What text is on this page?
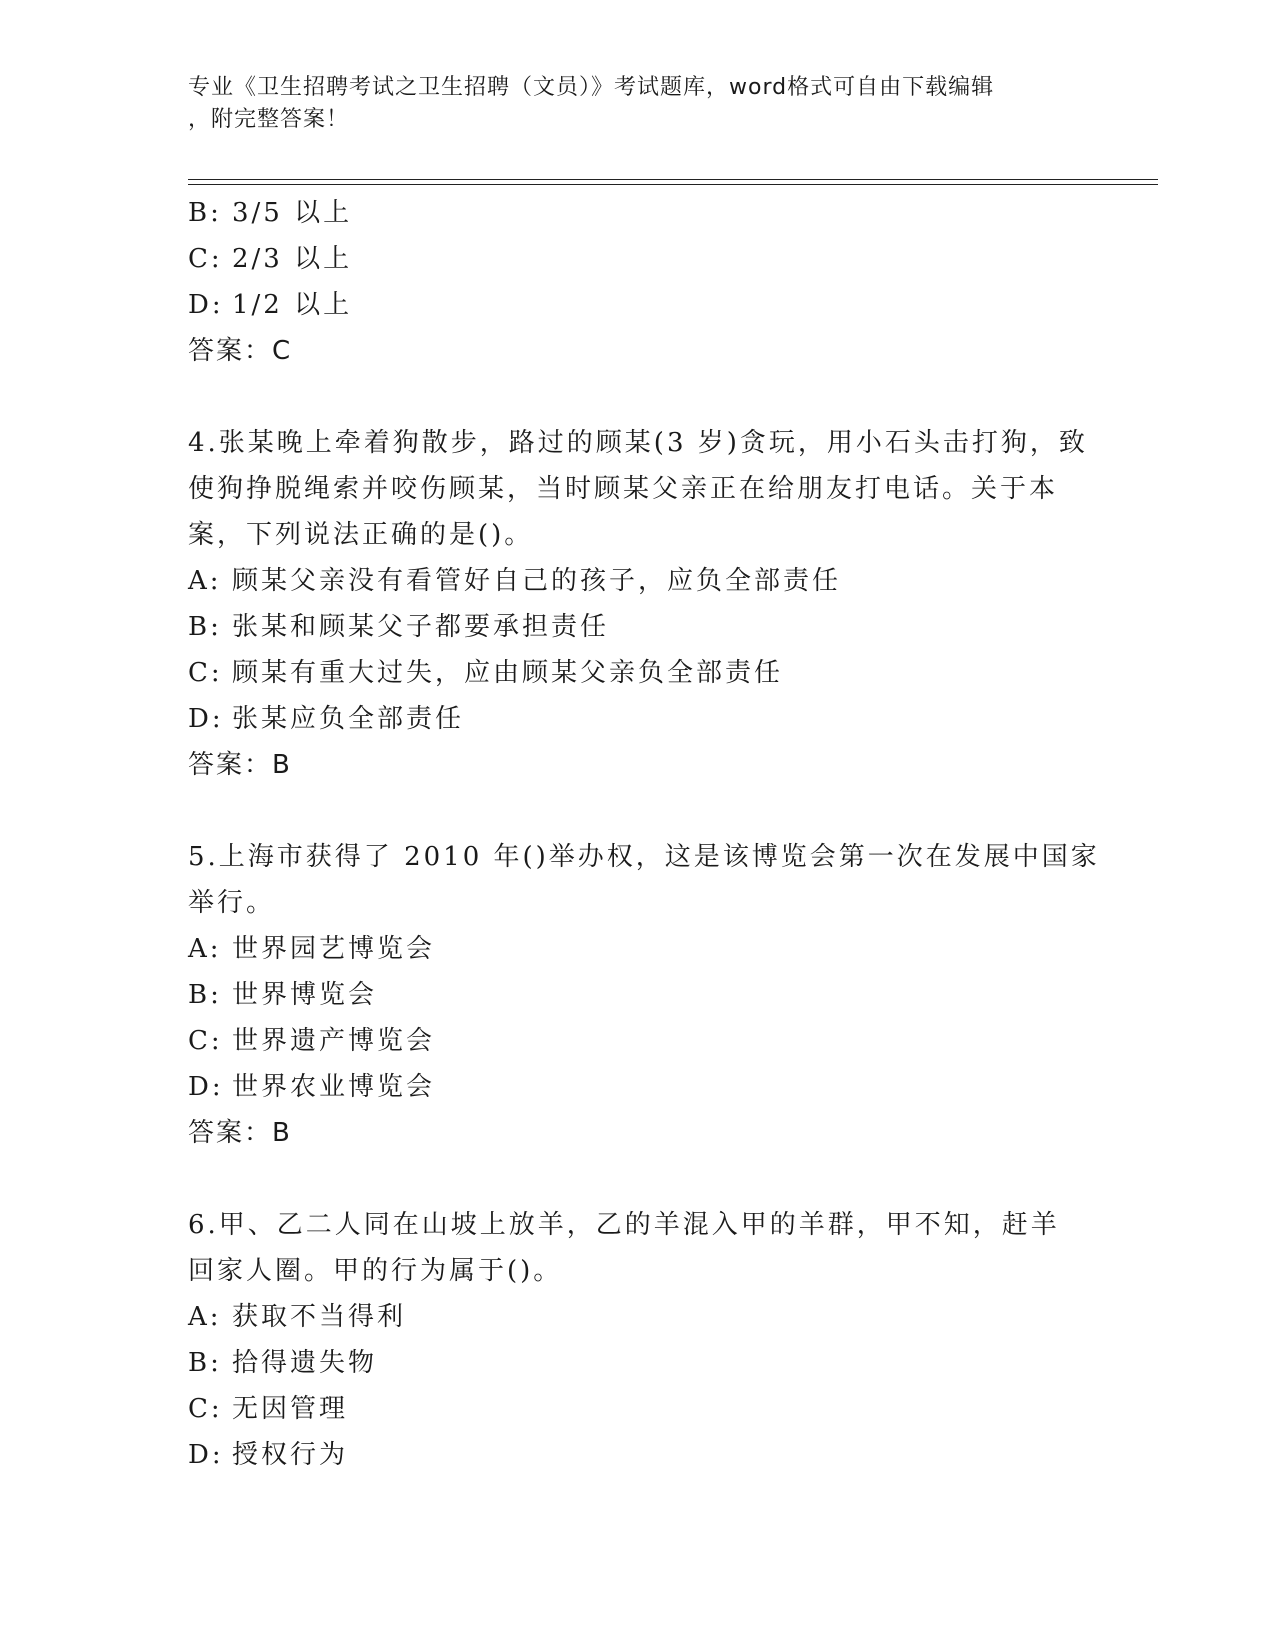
专业《卫生招聘考试之卫生招聘（文员）》考试题库，word格式可自由下载编辑
，附完整答案！
B: 3/5 以上
C: 2/3 以上
D: 1/2 以上
答案：C
4.张某晚上牵着狗散步，路过的顾某(3 岁)贪玩，用小石头击打狗，致
使狗挣脱绳索并咬伤顾某，当时顾某父亲正在给朋友打电话。关于本
案，下列说法正确的是()。
A: 顾某父亲没有看管好自己的孩子，应负全部责任
B: 张某和顾某父子都要承担责任
C: 顾某有重大过失，应由顾某父亲负全部责任
D: 张某应负全部责任
答案：B
5.上海市获得了 2010 年()举办权，这是该博览会第一次在发展中国家
举行。
A: 世界园艺博览会
B: 世界博览会
C: 世界遗产博览会
D: 世界农业博览会
答案：B
6.甲、乙二人同在山坡上放羊，乙的羊混入甲的羊群，甲不知，赶羊
回家人圈。甲的行为属于()。
A: 获取不当得利
B: 拾得遗失物
C: 无因管理
D: 授权行为
